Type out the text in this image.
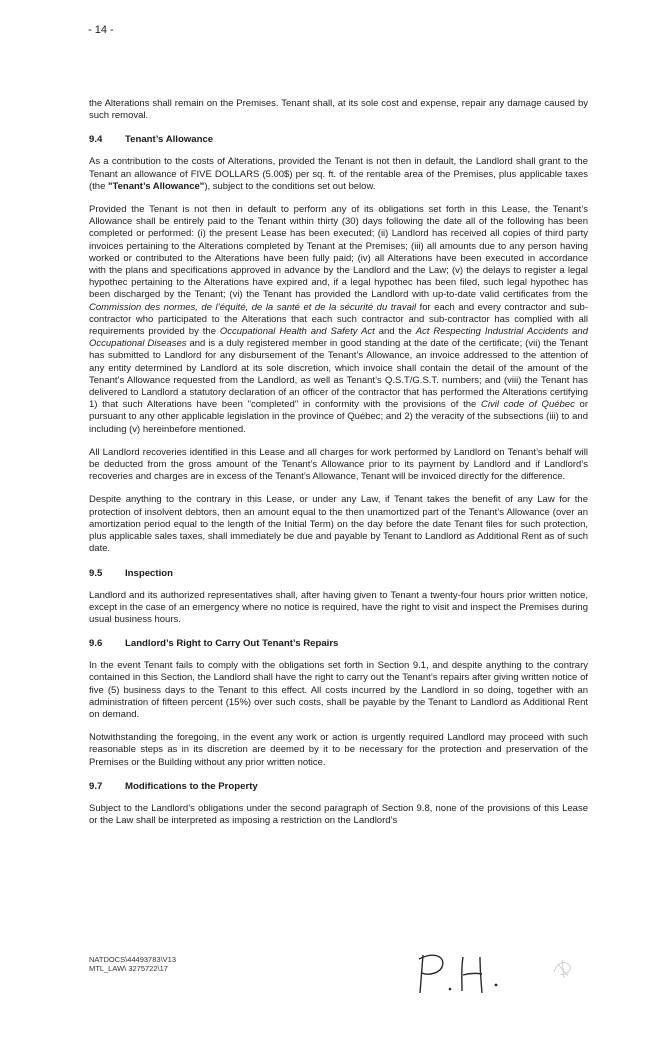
- 14 -

the Alterations shall remain on the Premises. Tenant shall, at its sole cost and expense, repair any damage caused by such removal.

9.4	Tenant’s Allowance

As a contribution to the costs of Alterations, provided the Tenant is not then in default, the Landlord shall grant to the Tenant an allowance of FIVE DOLLARS (5.00$) per sq. ft. of the rentable area of the Premises, plus applicable taxes (the "Tenant’s Allowance"), subject to the conditions set out below.

Provided the Tenant is not then in default to perform any of its obligations set forth in this Lease, the Tenant’s Allowance shall be entirely paid to the Tenant within thirty (30) days following the date all of the following has been completed or performed: (i) the present Lease has been executed; (ii) Landlord has received all copies of third party invoices pertaining to the Alterations completed by Tenant at the Premises; (iii) all amounts due to any person having worked or contributed to the Alterations have been fully paid; (iv) all Alterations have been executed in accordance with the plans and specifications approved in advance by the Landlord and the Law; (v) the delays to register a legal hypothec pertaining to the Alterations have expired and, if a legal hypothec has been filed, such legal hypothec has been discharged by the Tenant; (vi) the Tenant has provided the Landlord with up-to-date valid certificates from the Commission des normes, de l’équité, de la santé et de la sécurité du travail for each and every contractor and sub-contractor who participated to the Alterations that each such contractor and sub-contractor has complied with all requirements provided by the Occupational Health and Safety Act and the Act Respecting Industrial Accidents and Occupational Diseases and is a duly registered member in good standing at the date of the certificate; (vii) the Tenant has submitted to Landlord for any disbursement of the Tenant’s Allowance, an invoice addressed to the attention of any entity determined by Landlord at its sole discretion, which invoice shall contain the detail of the amount of the Tenant’s Allowance requested from the Landlord, as well as Tenant’s Q.S.T/G.S.T. numbers; and (viii) the Tenant has delivered to Landlord a statutory declaration of an officer of the contractor that has performed the Alterations certifying 1) that such Alterations have been "completed" in conformity with the provisions of the Civil code of Québec or pursuant to any other applicable legislation in the province of Québec; and 2) the veracity of the subsections (iii) to and including (v) hereinbefore mentioned.

All Landlord recoveries identified in this Lease and all charges for work performed by Landlord on Tenant’s behalf will be deducted from the gross amount of the Tenant’s Allowance prior to its payment by Landlord and if Landlord’s recoveries and charges are in excess of the Tenant’s Allowance, Tenant will be invoiced directly for the difference.

Despite anything to the contrary in this Lease, or under any Law, if Tenant takes the benefit of any Law for the protection of insolvent debtors, then an amount equal to the then unamortized part of the Tenant’s Allowance (over an amortization period equal to the length of the Initial Term) on the day before the date Tenant files for such protection, plus applicable sales taxes, shall immediately be due and payable by Tenant to Landlord as Additional Rent as of such date.

9.5	Inspection

Landlord and its authorized representatives shall, after having given to Tenant a twenty-four hours prior written notice, except in the case of an emergency where no notice is required, have the right to visit and inspect the Premises during usual business hours.

9.6	Landlord’s Right to Carry Out Tenant’s Repairs

In the event Tenant fails to comply with the obligations set forth in Section 9.1, and despite anything to the contrary contained in this Section, the Landlord shall have the right to carry out the Tenant’s repairs after giving written notice of five (5) business days to the Tenant to this effect. All costs incurred by the Landlord in so doing, together with an administration of fifteen percent (15%) over such costs, shall be payable by the Tenant to Landlord as Additional Rent on demand.

Notwithstanding the foregoing, in the event any work or action is urgently required Landlord may proceed with such reasonable steps as in its discretion are deemed by it to be necessary for the protection and preservation of the Premises or the Building without any prior written notice.

9.7	Modifications to the Property

Subject to the Landlord’s obligations under the second paragraph of Section 9.8, none of the provisions of this Lease or the Law shall be interpreted as imposing a restriction on the Landlord’s

NATDOCS\44493783\V13
MTL_LAW\ 3275722\17
